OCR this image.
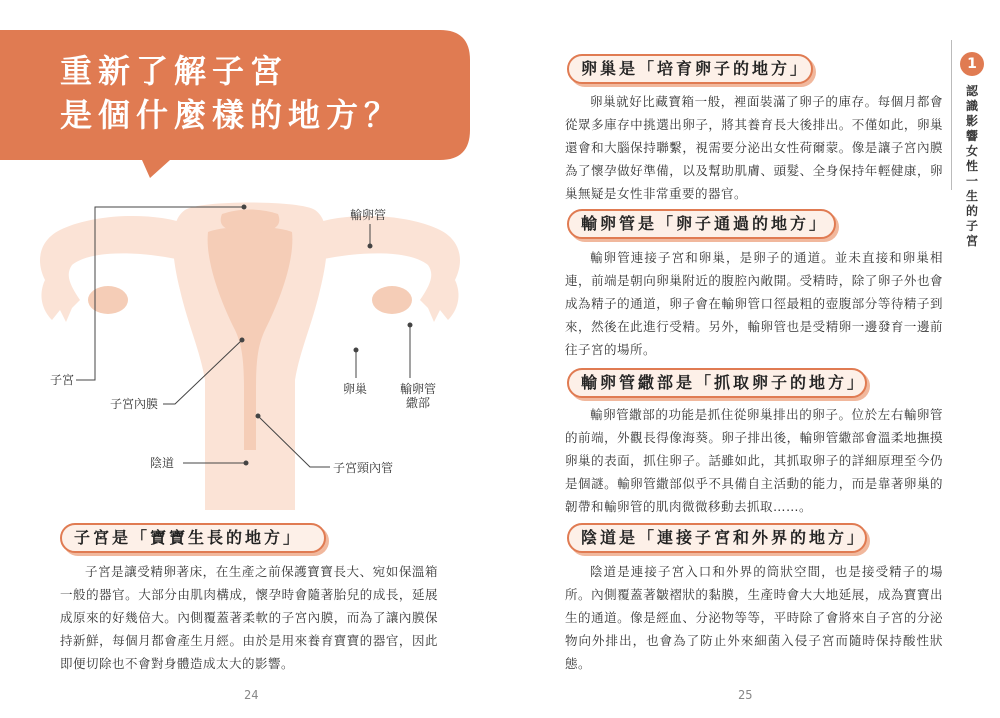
重新了解子宮
是個什麼樣的地方？
輸卵管
子宮
子宮內膜
卵巢	輸卵管
繖部
陰道	子宮頸內管
子宮是「寶寶生長的地方」
子宮是讓受精卵著床，在生產之前保護寶寶長大、宛如保溫箱一般的器官。大部分由肌肉構成，懷孕時會隨著胎兒的成長，延展成原來的好幾倍大。內側覆蓋著柔軟的子宮內膜，而為了讓內膜保持新鮮，每個月都會產生月經。由於是用來養育寶寶的器官，因此即便切除也不會對身體造成太大的影響。
24
卵巢是「培育卵子的地方」
卵巢就好比藏寶箱一般，裡面裝滿了卵子的庫存。每個月都會從眾多庫存中挑選出卵子，將其養育長大後排出。不僅如此，卵巢還會和大腦保持聯繫，視需要分泌出女性荷爾蒙。像是讓子宮內膜為了懷孕做好準備，以及幫助肌膚、頭髮、全身保持年輕健康，卵巢無疑是女性非常重要的器官。
輸卵管是「卵子通過的地方」
輸卵管連接子宮和卵巢，是卵子的通道。並未直接和卵巢相連，前端是朝向卵巢附近的腹腔內敞開。受精時，除了卵子外也會成為精子的通道，卵子會在輸卵管口徑最粗的壺腹部分等待精子到來，然後在此進行受精。另外，輸卵管也是受精卵一邊發育一邊前往子宮的場所。
輸卵管繖部是「抓取卵子的地方」
輸卵管繖部的功能是抓住從卵巢排出的卵子。位於左右輸卵管的前端，外觀長得像海葵。卵子排出後，輸卵管繖部會溫柔地撫摸卵巢的表面，抓住卵子。話雖如此，其抓取卵子的詳細原理至今仍是個謎。輸卵管繖部似乎不具備自主活動的能力，而是靠著卵巢的韌帶和輸卵管的肌肉微微移動去抓取……。
陰道是「連接子宮和外界的地方」
陰道是連接子宮入口和外界的筒狀空間，也是接受精子的場所。內側覆蓋著皺褶狀的黏膜，生產時會大大地延展，成為寶寶出生的通道。像是經血、分泌物等等，平時除了會將來自子宮的分泌物向外排出，也會為了防止外來細菌入侵子宮而隨時保持酸性狀態。
25
1
認識影響女性一生的子宮
